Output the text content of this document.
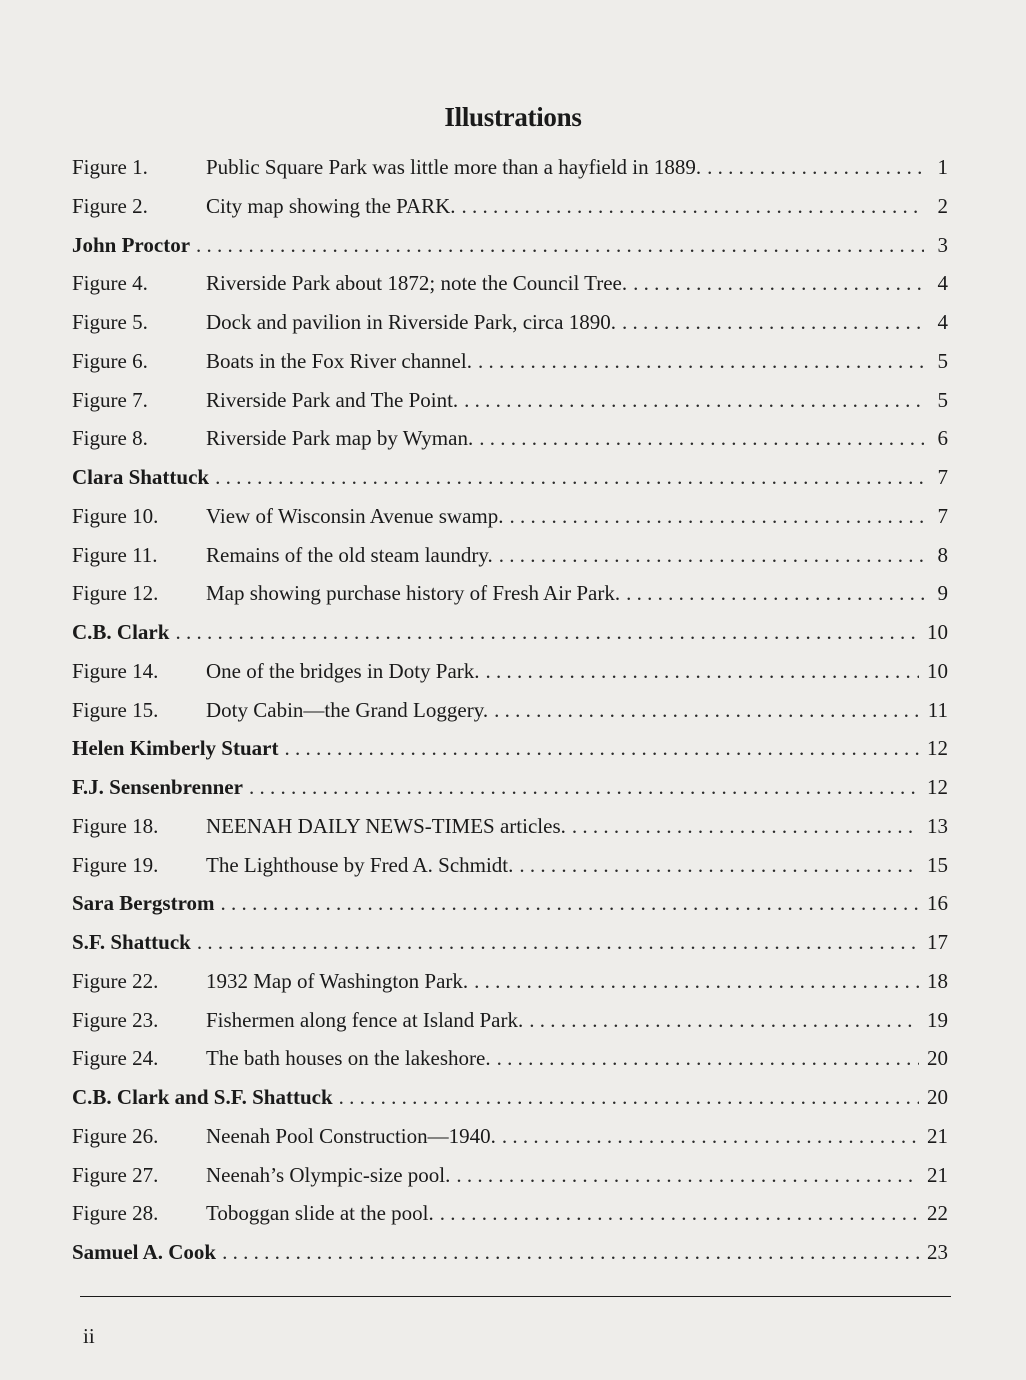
Illustrations
Figure 1.	Public Square Park was little more than a hayfield in 1889. . . .	1
Figure 2.	City map showing the PARK. . . .	2
John Proctor . . .	3
Figure 4.	Riverside Park about 1872; note the Council Tree. . . .	4
Figure 5.	Dock and pavilion in Riverside Park, circa 1890. . . .	4
Figure 6.	Boats in the Fox River channel. . . .	5
Figure 7.	Riverside Park and The Point. . . .	5
Figure 8.	Riverside Park map by Wyman. . . .	6
Clara Shattuck . . .	7
Figure 10.	View of Wisconsin Avenue swamp. . . .	7
Figure 11.	Remains of the old steam laundry. . . .	8
Figure 12.	Map showing purchase history of Fresh Air Park. . . .	9
C.B. Clark . . .	10
Figure 14.	One of the bridges in Doty Park. . . .	10
Figure 15.	Doty Cabin—the Grand Loggery. . . .	11
Helen Kimberly Stuart . . .	12
F.J. Sensenbrenner . . .	12
Figure 18.	NEENAH DAILY NEWS-TIMES articles. . . .	13
Figure 19.	The Lighthouse by Fred A. Schmidt. . . .	15
Sara Bergstrom . . .	16
S.F. Shattuck . . .	17
Figure 22.	1932 Map of Washington Park. . . .	18
Figure 23.	Fishermen along fence at Island Park. . . .	19
Figure 24.	The bath houses on the lakeshore. . . .	20
C.B. Clark and S.F. Shattuck . . .	20
Figure 26.	Neenah Pool Construction—1940. . . .	21
Figure 27.	Neenah’s Olympic-size pool. . . .	21
Figure 28.	Toboggan slide at the pool. . . .	22
Samuel A. Cook . . .	23
ii
